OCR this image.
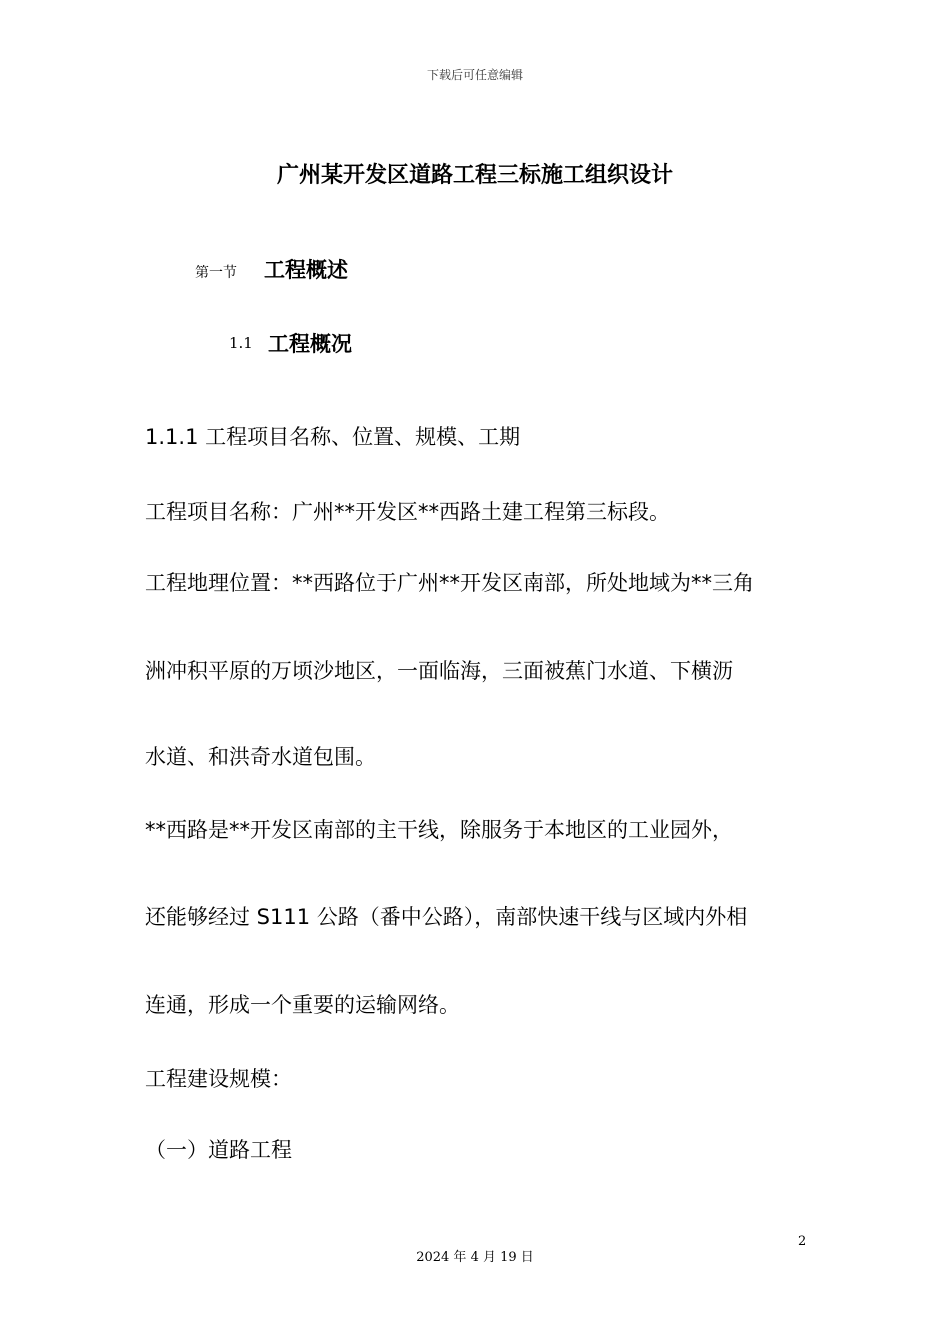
下载后可任意编辑
广州某开发区道路工程三标施工组织设计
第一节 工程概述
1.1 工程概况
1.1.1 工程项目名称、位置、规模、工期
工程项目名称：广州**开发区**西路土建工程第三标段。
工程地理位置：**西路位于广州**开发区南部，所处地域为**三角
洲冲积平原的万顷沙地区，一面临海，三面被蕉门水道、下横沥
水道、和洪奇水道包围。
**西路是**开发区南部的主干线，除服务于本地区的工业园外，
还能够经过 S111 公路（番中公路），南部快速干线与区域内外相
连通，形成一个重要的运输网络。
工程建设规模：
（一）道路工程
2
2024 年 4 月 19 日
